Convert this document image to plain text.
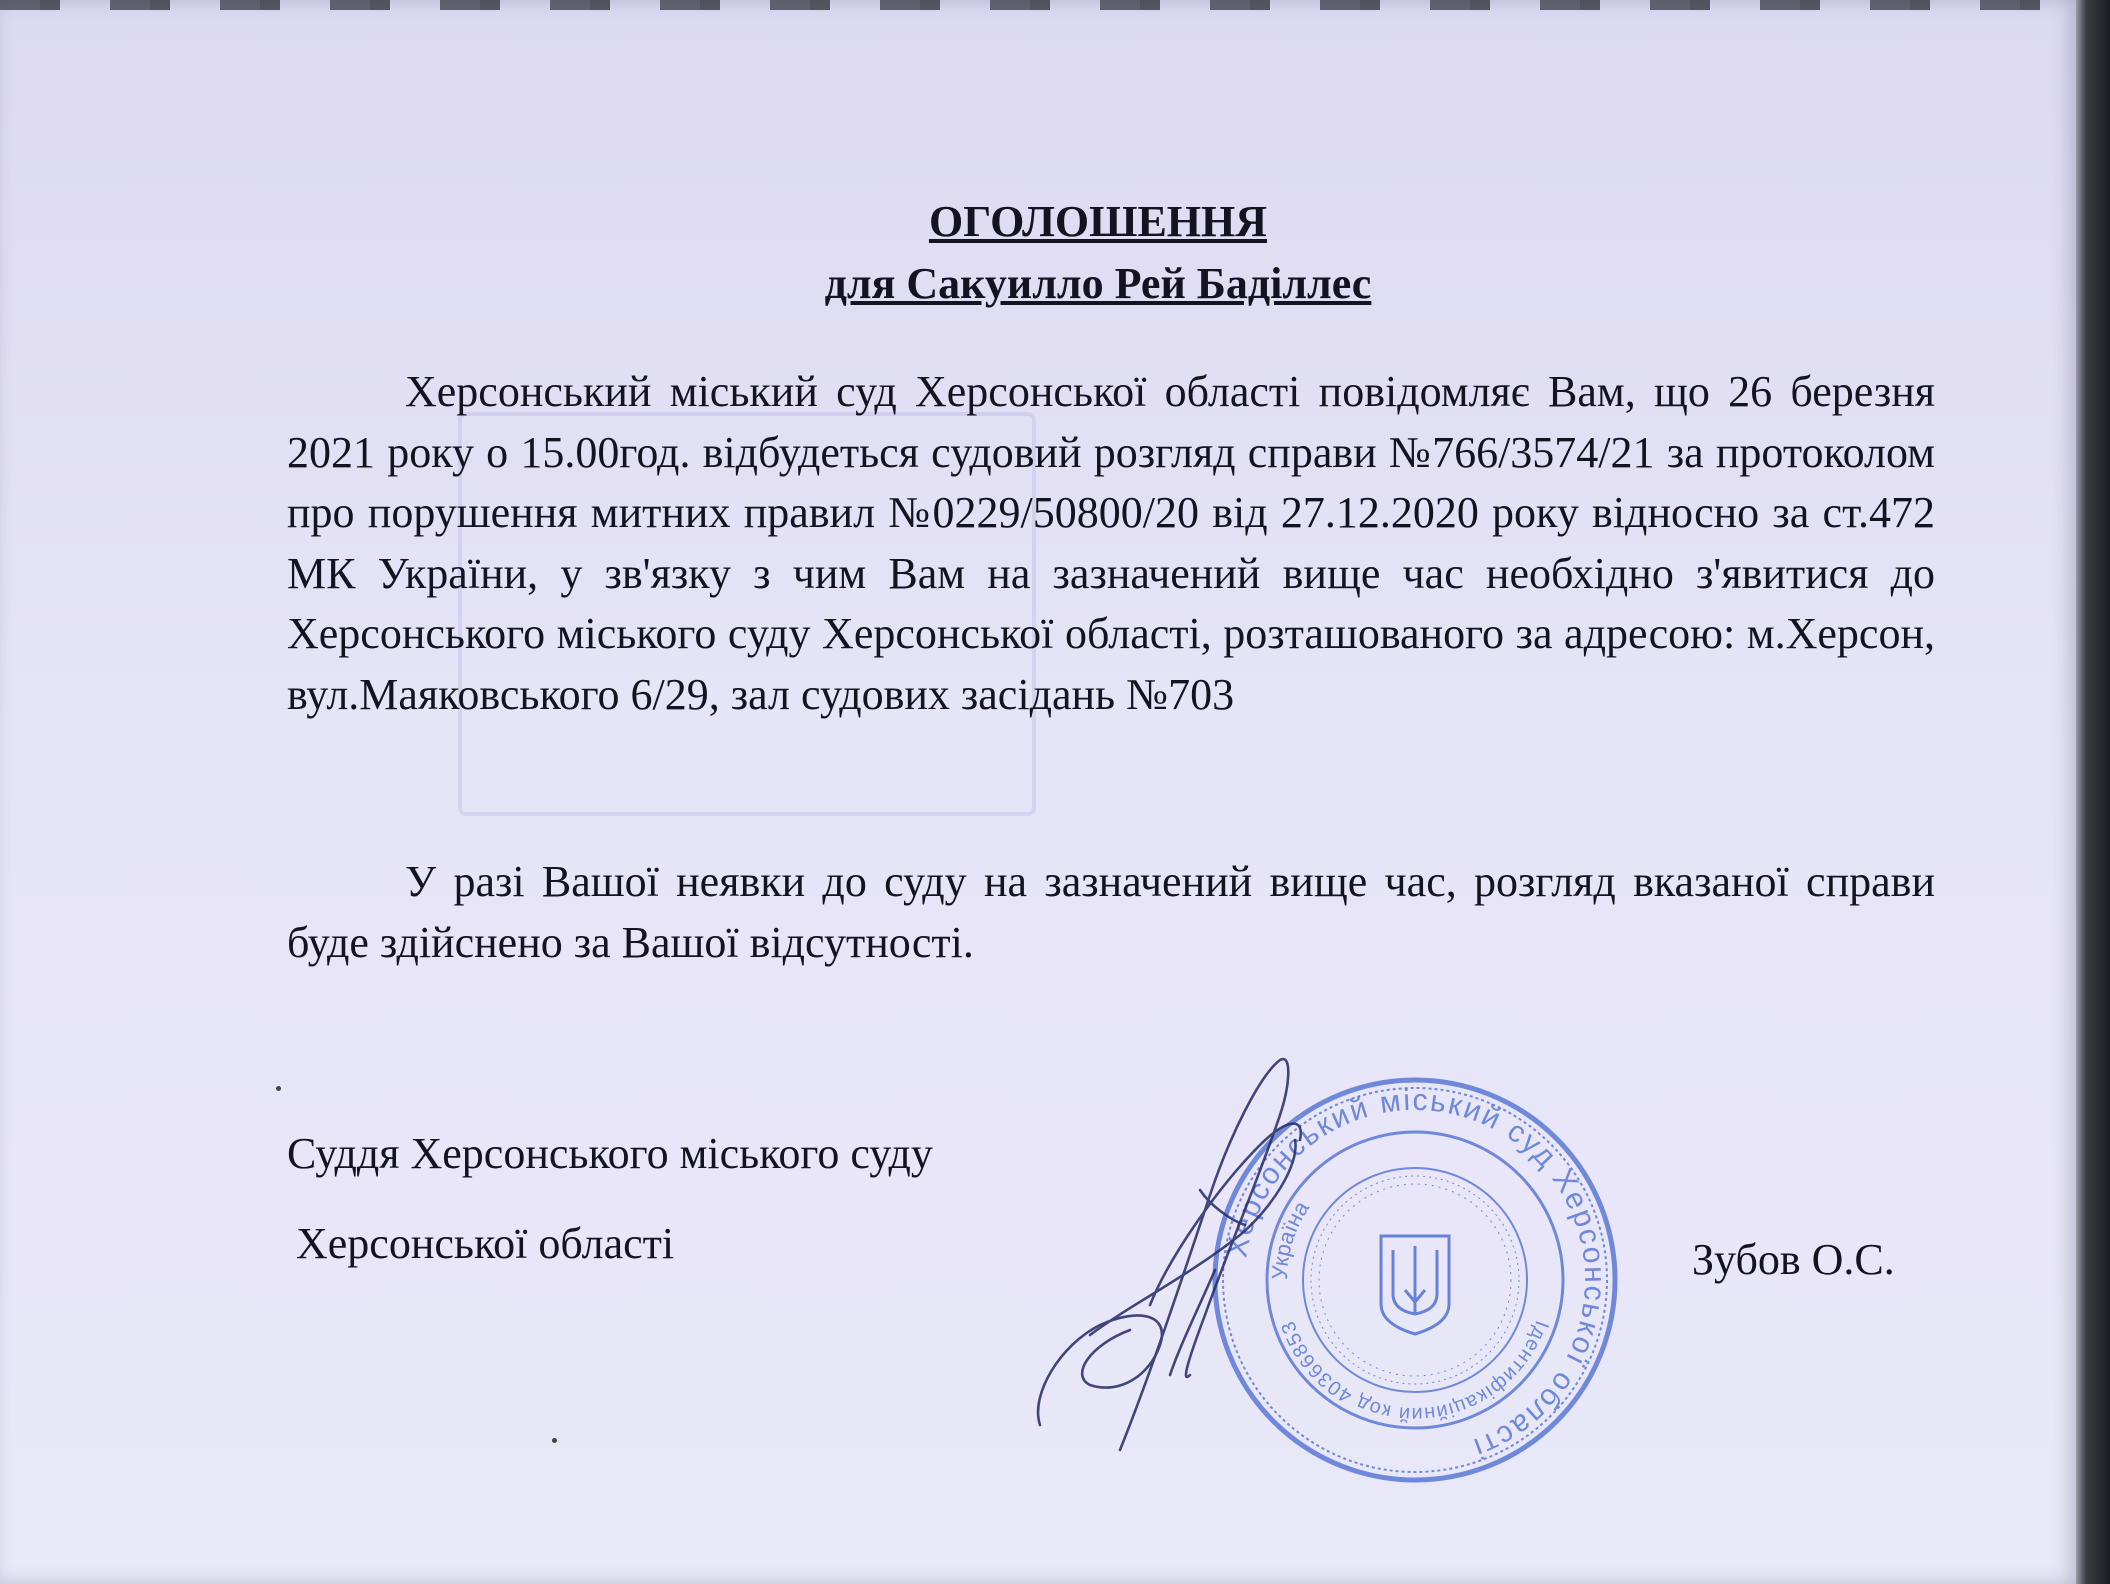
ОГОЛОШЕННЯ
для Сакуилло Рей Баділлес

Херсонський міський суд Херсонської області повідомляє Вам, що 26 березня 2021 року о 15.00год. відбудеться судовий розгляд справи №766/3574/21 за протоколом про порушення митних правил №0229/50800/20 від 27.12.2020 року відносно за ст.472 МК України, у зв'язку з чим Вам на зазначений вище час необхідно з'явитися до Херсонського міського суду Херсонської області, розташованого за адресою: м.Херсон, вул.Маяковського 6/29, зал судових засідань №703

У разі Вашої неявки до суду на зазначений вище час, розгляд вказаної справи буде здійснено за Вашої відсутності.

Суддя Херсонського міського суду

Херсонської області	Зубов О.С.

Херсонський міський суд Херсонської області
Ідентифікаційний код 40366853
Україна
